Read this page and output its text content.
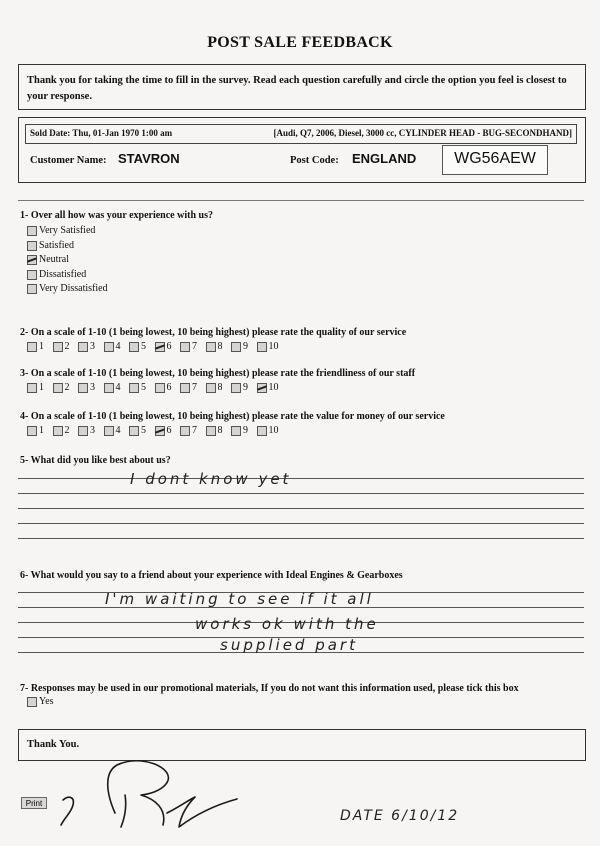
POST SALE FEEDBACK
Thank you for taking the time to fill in the survey. Read each question carefully and circle the option you feel is closest to your response.
Sold Date: Thu, 01-Jan 1970 1:00 am	[Audi, Q7, 2006, Diesel, 3000 cc, CYLINDER HEAD - BUG-SECONDHAND]
Customer Name: STAVRON	Post Code: ENGLAND	WG56AEW
1- Over all how was your experience with us?
Very Satisfied
Satisfied
Neutral
Dissatisfied
Very Dissatisfied
2- On a scale of 1-10 (1 being lowest, 10 being highest) please rate the quality of our service
1 2 3 4 5 6 7 8 9 10
3- On a scale of 1-10 (1 being lowest, 10 being highest) please rate the friendliness of our staff
1 2 3 4 5 6 7 8 9 10
4- On a scale of 1-10 (1 being lowest, 10 being highest) please rate the value for money of our service
1 2 3 4 5 6 7 8 9 10
5- What did you like best about us?
I dont know yet
6- What would you say to a friend about your experience with Ideal Engines & Gearboxes
I'm waiting to see if it all
works ok with the
supplied part
7- Responses may be used in our promotional materials, If you do not want this information used, please tick this box
Yes
Thank You.
Print
DATE 6/10/12
